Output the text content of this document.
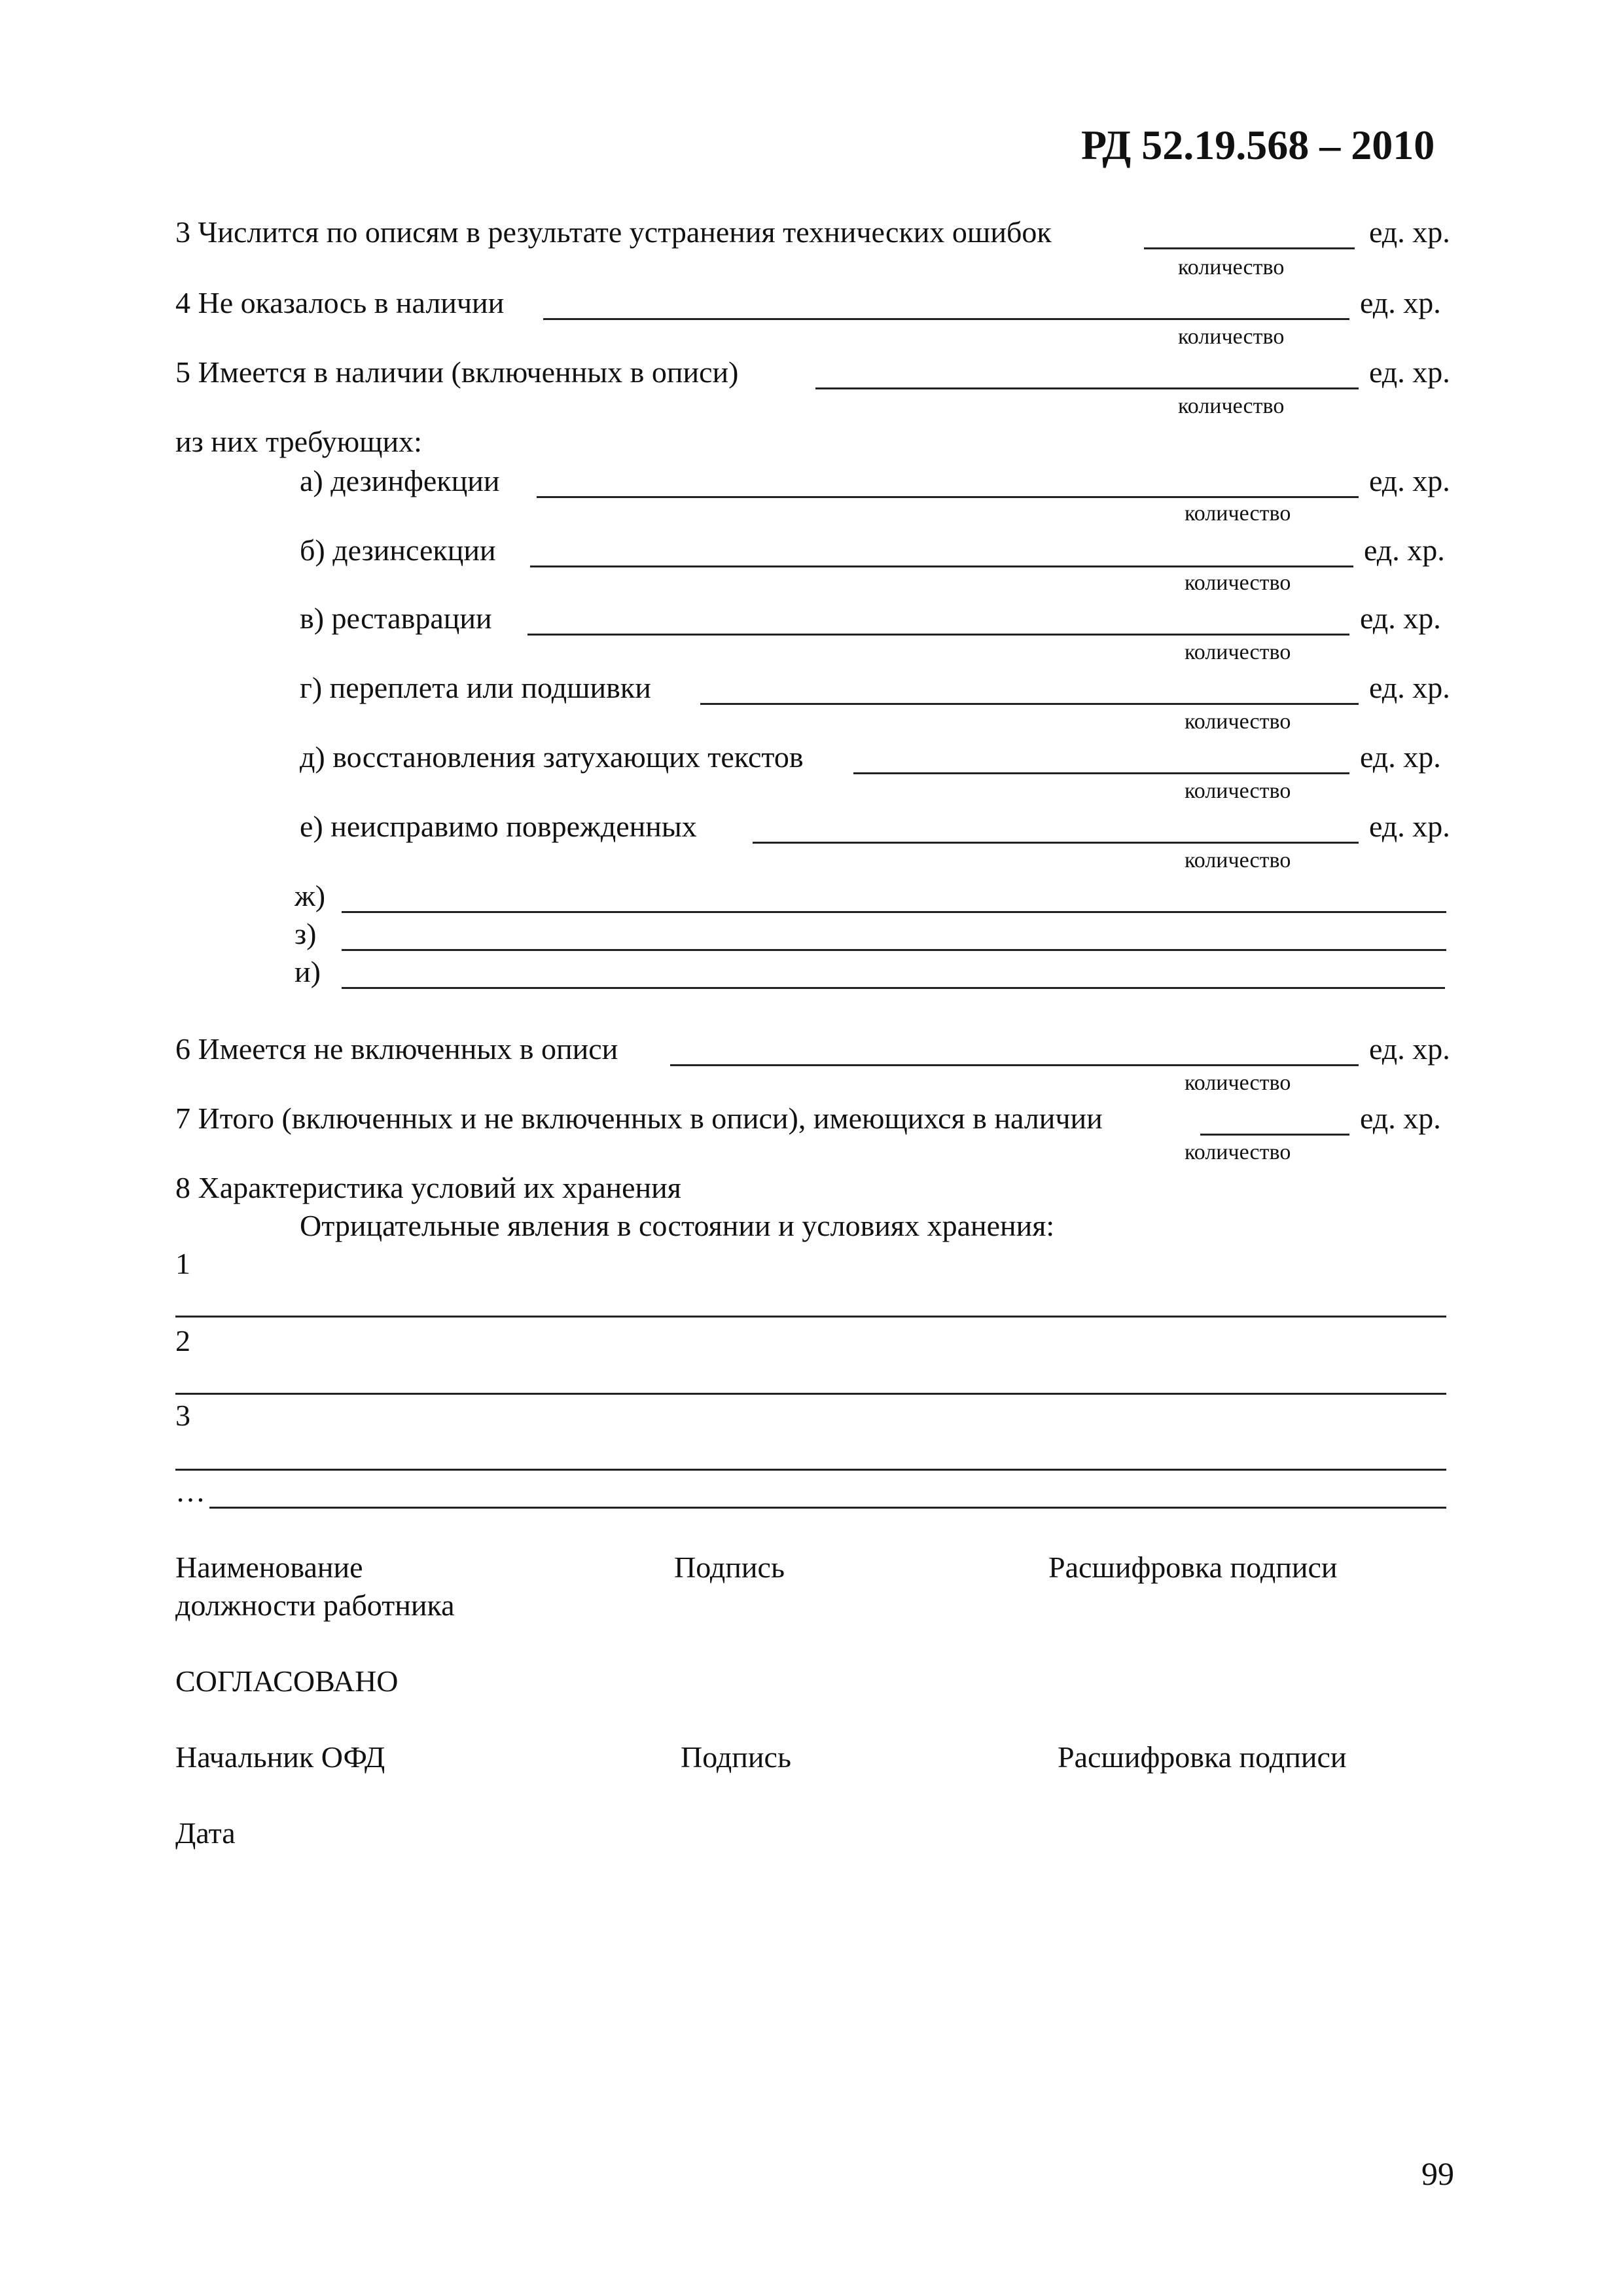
РД 52.19.568 – 2010
3 Числится по описям в результате устранения технических ошибок	ед. хр.
количество
4 Не оказалось в наличии	ед. хр.
количество
5 Имеется в наличии (включенных в описи)	ед. хр.
количество
из них требующих:
а) дезинфекции	ед. хр.
количество
б) дезинсекции	ед. хр.
количество
в) реставрации	ед. хр.
количество
г) переплета или подшивки	ед. хр.
количество
д) восстановления затухающих текстов	ед. хр.
количество
е) неисправимо поврежденных	ед. хр.
количество
ж)
з)
и)
6 Имеется не включенных в описи	ед. хр.
количество
7 Итого (включенных и не включенных в описи), имеющихся в наличии	ед. хр.
количество
8 Характеристика условий их хранения
Отрицательные явления в состоянии и условиях хранения:
1
2
3
…
Наименование
должности работника
Подпись	Расшифровка подписи
СОГЛАСОВАНО
Начальник ОФД	Подпись	Расшифровка подписи
Дата
99
